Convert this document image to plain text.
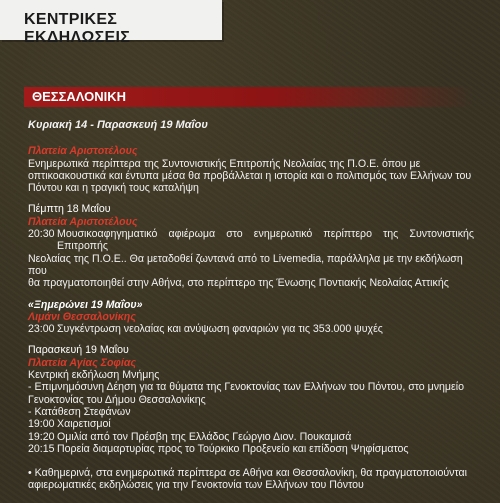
ΚΕΝΤΡΙΚΕΣ ΕΚΔΗΛΩΣΕΙΣ
ΘΕΣΣΑΛΟΝΙΚΗ
Κυριακή 14 - Παρασκευή 19 Μαΐου
Πλατεία Αριστοτέλους
Ενημερωτικά περίπτερα της Συντονιστικής Επιτροπής Νεολαίας της Π.Ο.Ε. όπου με
οπτικοακουστικά και έντυπα μέσα θα προβάλλεται η ιστορία και ο πολιτισμός των Ελλήνων του
Πόντου και η τραγική τους καταλήψη
Πέμπτη 18 Μαΐου
Πλατεία Αριστοτέλους
20:30 Μουσικοαφηγηματικό αφιέρωμα στο ενημερωτικό περίπτερο της Συντονιστικής Επιτροπής
Νεολαίας της Π.Ο.Ε.. Θα μεταδοθεί ζωντανά από το Livemedia, παράλληλα με την εκδήλωση που
θα πραγματοποιηθεί στην Αθήνα, στο περίπτερο της Ένωσης Ποντιακής Νεολαίας Αττικής
«Ξημερώνει 19 Μαΐου»
Λιμάνι Θεσσαλονίκης
23:00 Συγκέντρωση νεολαίας και ανύψωση φαναριών για τις 353.000 ψυχές
Παρασκευή 19 Μαΐου
Πλατεία Αγίας Σοφίας
Κεντρική εκδήλωση Μνήμης
- Επιμνημόσυνη Δέηση για τα θύματα της Γενοκτονίας των Ελλήνων του Πόντου, στο μνημείο
Γενοκτονίας του Δήμου Θεσσαλονίκης
- Κατάθεση Στεφάνων
19:00 Χαιρετισμοί
19:20 Ομιλία από τον Πρέσβη της Ελλάδος Γεώργιο Διον. Πουκαμισά
20:15 Πορεία διαμαρτυρίας προς το Τούρκικο Προξενείο και επίδοση Ψηφίσματος
• Καθημερινά, στα ενημερωτικά περίπτερα σε Αθήνα και Θεσσαλονίκη, θα πραγματοποιούνται
αφιερωματικές εκδηλώσεις για την Γενοκτονία των Ελλήνων του Πόντου
